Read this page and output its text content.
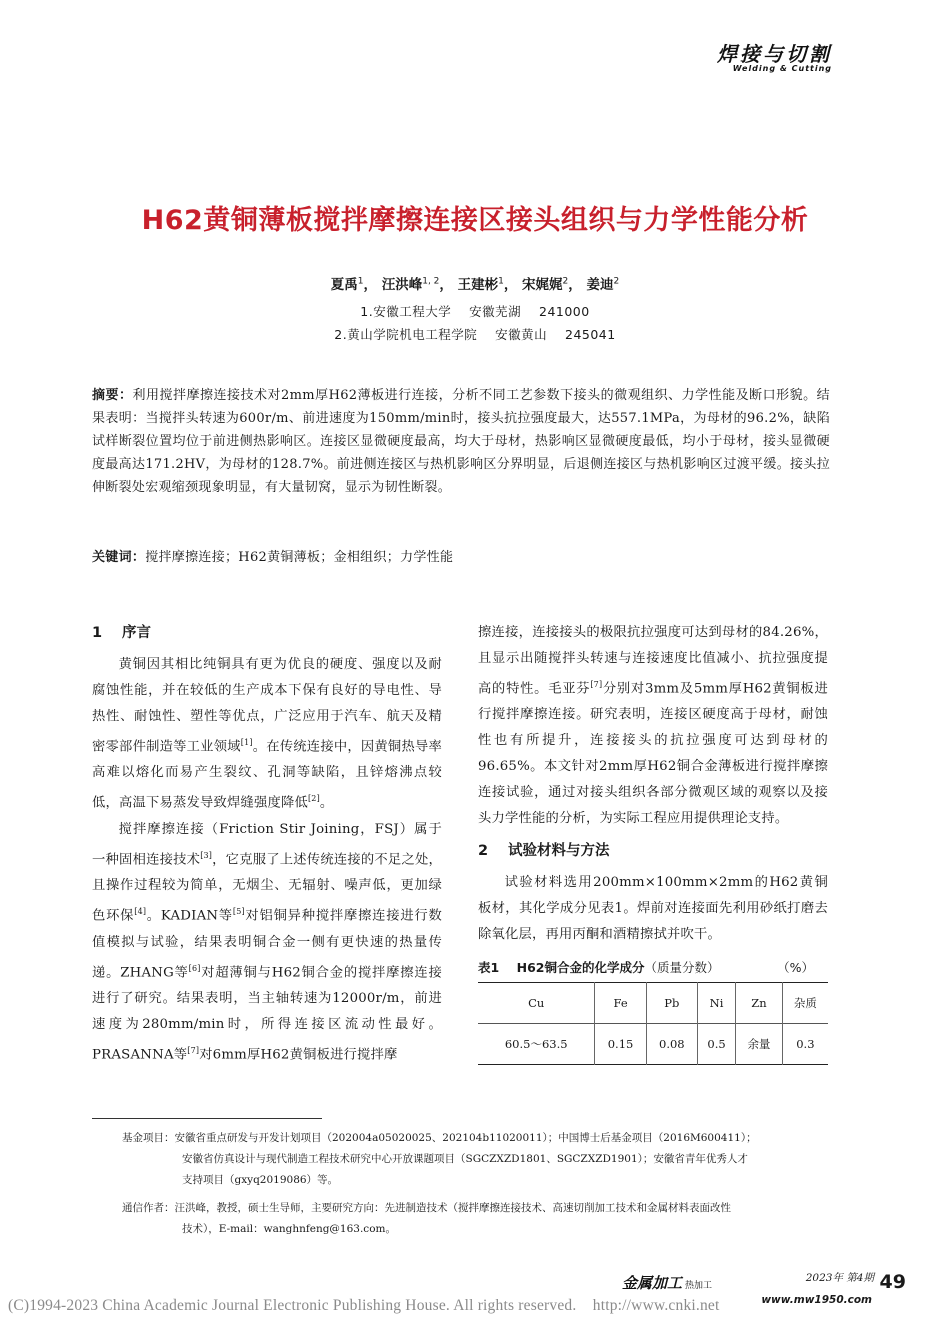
焊接与切割
Welding & Cutting
H62黄铜薄板搅拌摩擦连接区接头组织与力学性能分析
夏禹$^1$， 汪洪峰$^{1, 2}$， 王建彬$^1$， 宋娓娓$^2$， 姜迪$^2$
1.安徽工程大学    安徽芜湖    241000
2.黄山学院机电工程学院    安徽黄山    245041
摘要：利用搅拌摩擦连接技术对2mm厚H62薄板进行连接，分析不同工艺参数下接头的微观组织、力学性能及断口形貌。结果表明：当搅拌头转速为600r/m、前进速度为150mm/min时，接头抗拉强度最大，达557.1MPa，为母材的96.2%，缺陷试样断裂位置均位于前进侧热影响区。连接区显微硬度最高，均大于母材，热影响区显微硬度最低，均小于母材，接头显微硬度最高达171.2HV，为母材的128.7%。前进侧连接区与热机影响区分界明显，后退侧连接区与热机影响区过渡平缓。接头拉伸断裂处宏观缩颈现象明显，有大量韧窝，显示为韧性断裂。
关键词：搅拌摩擦连接；H62黄铜薄板；金相组织；力学性能
1 序言

黄铜因其相比纯铜具有更为优良的硬度、强度以及耐腐蚀性能，并在较低的生产成本下保有良好的导电性、导热性、耐蚀性、塑性等优点，广泛应用于汽车、航天及精密零部件制造等工业领域[1]。在传统连接中，因黄铜热导率高难以熔化而易产生裂纹、孔洞等缺陷，且锌熔沸点较低，高温下易蒸发导致焊缝强度降低[2]。

搅拌摩擦连接（Friction Stir Joining，FSJ）属于一种固相连接技术[3]，它克服了上述传统连接的不足之处，且操作过程较为简单，无烟尘、无辐射、噪声低，更加绿色环保[4]。KADIAN等[5]对铝铜异种搅拌摩擦连接进行数值模拟与试验，结果表明铜合金一侧有更快速的热量传递。ZHANG等[6]对超薄铜与H62铜合金的搅拌摩擦连接进行了研究。结果表明，当主轴转速为12000r/m，前进速度为280mm/min时，所得连接区流动性最好。PRASANNA等[7]对6mm厚H62黄铜板进行搅拌摩

擦连接，连接接头的极限抗拉强度可达到母材的84.26%，且显示出随搅拌头转速与连接速度比值减小、抗拉强度提高的特性。毛亚芬[7]分别对3mm及5mm厚H62黄铜板进行搅拌摩擦连接。研究表明，连接区硬度高于母材，耐蚀性也有所提升，连接接头的抗拉强度可达到母材的96.65%。本文针对2mm厚H62铜合金薄板进行搅拌摩擦连接试验，通过对接头组织各部分微观区域的观察以及接头力学性能的分析，为实际工程应用提供理论支持。

2 试验材料与方法

试验材料选用200mm×100mm×2mm的H62黄铜板材，其化学成分见表1。焊前对连接面先利用砂纸打磨去除氧化层，再用丙酮和酒精擦拭并吹干。

表1    H62铜合金的化学成分（质量分数）	（%）
Cu	Fe	Pb	Ni	Zn	杂质
60.5～63.5	0.15	0.08	0.5	余量	0.3
基金项目：安徽省重点研发与开发计划项目（202004a05020025、202104b11020011）；中国博士后基金项目（2016M600411）；
安徽省仿真设计与现代制造工程技术研究中心开放课题项目（SGCZXZD1801、SGCZXZD1901）；安徽省青年优秀人才
支持项目（gxyq2019086）等。
通信作者：汪洪峰，教授，硕士生导师，主要研究方向：先进制造技术（搅拌摩擦连接技术、高速切削加工技术和金属材料表面改性
技术），E-mail：wanghnfeng@163.com。
金属加工 热加工
2023年 第4期
www.mw1950.com
49
(C)1994-2023 China Academic Journal Electronic Publishing House. All rights reserved.    http://www.cnki.net
